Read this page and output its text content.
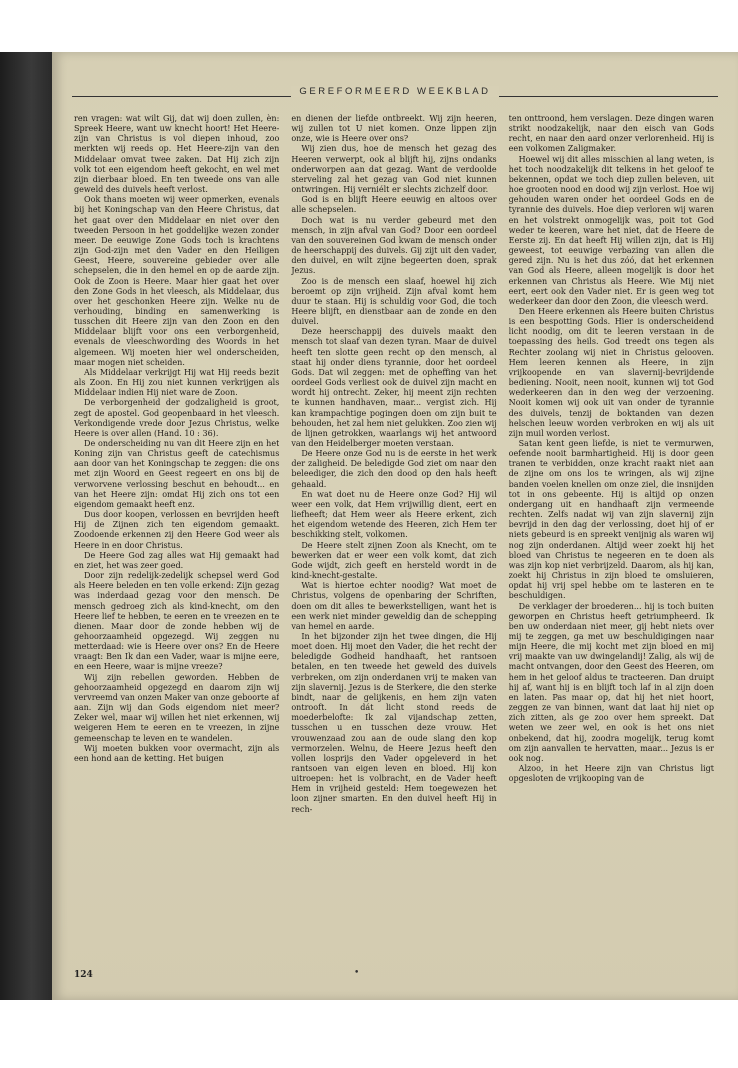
GEREFORMEERD WEEKBLAD

ren vragen: wat wilt Gij, dat wij doen zullen, èn: Spreek Heere, want uw knecht hoort! Het Heere-zijn van Christus is vol diepen inhoud, zoo merkten wij reeds op. Het Heere-zijn van den Middelaar omvat twee zaken. Dat Hij zich zijn volk tot een eigendom heeft gekocht, en wel met zijn dierbaar bloed. En ten tweede ons van alle geweld des duivels heeft verlost.

Ook thans moeten wij weer opmerken, evenals bij het Koningschap van den Heere Christus, dat het gaat over den Middelaar en niet over den tweeden Persoon in het goddelijke wezen zonder meer. De eeuwige Zone Gods toch is krachtens zijn God-zijn met den Vader en den Heiligen Geest, Heere, souvereine gebieder over alle schepselen, die in den hemel en op de aarde zijn. Ook de Zoon is Heere. Maar hier gaat het over den Zone Gods in het vleesch, als Middelaar, dus over het geschonken Heere zijn. Welke nu de verhouding, binding en samenwerking is tusschen dit Heere zijn van den Zoon en den Middelaar blijft voor ons een verborgenheid, evenals de vleeschwording des Woords in het algemeen. Wij moeten hier wel onderscheiden, maar mogen niet scheiden.

Als Middelaar verkrijgt Hij wat Hij reeds bezit als Zoon. En Hij zou niet kunnen verkrijgen als Middelaar indien Hij niet ware de Zoon.

De verborgenheid der godzaligheid is groot, zegt de apostel. God geopenbaard in het vleesch. Verkondigende vrede door Jezus Christus, welke Heere is over allen (Hand. 10 : 36).

De onderscheiding nu van dit Heere zijn en het Koning zijn van Christus geeft de catechismus aan door van het Koningschap te zeggen: die ons met zijn Woord en Geest regeert en ons bij de verworvene verlossing beschut en behoudt... en van het Heere zijn: omdat Hij zich ons tot een eigendom gemaakt heeft enz.

Dus door koopen, verlossen en bevrijden heeft Hij de Zijnen zich ten eigendom gemaakt. Zoodoende erkennen zij den Heere God weer als Heere in en door Christus.

De Heere God zag alles wat Hij gemaakt had en ziet, het was zeer goed.

Door zijn redelijk-zedelijk schepsel werd God als Heere beleden en ten volle erkend: Zijn gezag was inderdaad gezag voor den mensch. De mensch gedroeg zich als kind-knecht, om den Heere lief te hebben, te eeren en te vreezen en te dienen. Maar door de zonde hebben wij de gehoorzaamheid opgezegd. Wij zeggen nu metterdaad: wie is Heere over ons? En de Heere vraagt: Ben Ik dan een Vader, waar is mijne eere, en een Heere, waar is mijne vreeze?

Wij zijn rebellen geworden. Hebben de gehoorzaamheid opgezegd en daarom zijn wij vervreemd van onzen Maker van onze geboorte af aan. Zijn wij dan Gods eigendom niet meer? Zeker wel, maar wij willen het niet erkennen, wij weigeren Hem te eeren en te vreezen, in zijne gemeenschap te leven en te wandelen.

Wij moeten bukken voor overmacht, zijn als een hond aan de ketting. Het buigen

en dienen der liefde ontbreekt. Wij zijn heeren, wij zullen tot U niet komen. Onze lippen zijn onze, wie is Heere over ons?

Wij zien dus, hoe de mensch het gezag des Heeren verwerpt, ook al blijft hij, zijns ondanks onderworpen aan dat gezag. Want de verdoolde sterveling zal het gezag van God niet kunnen ontwringen. Hij verniélt er slechts zichzelf door.

God is en blijft Heere eeuwig en altoos over alle schepselen.

Doch wat is nu verder gebeurd met den mensch, in zijn afval van God? Door een oordeel van den souvereinen God kwam de mensch onder de heerschappij des duivels. Gij zijt uit den vader, den duivel, en wilt zijne begeerten doen, sprak Jezus.

Zoo is de mensch een slaaf, hoewel hij zich beroemt op zijn vrijheid. Zijn afval komt hem duur te staan. Hij is schuldig voor God, die toch Heere blijft, en dienstbaar aan de zonde en den duivel.

Deze heerschappij des duivels maakt den mensch tot slaaf van dezen tyran. Maar de duivel heeft ten slotte geen recht op den mensch, al staat hij onder diens tyrannie, door het oordeel Gods. Dat wil zeggen: met de opheffing van het oordeel Gods verliest ook de duivel zijn macht en wordt hij ontrecht. Zeker, hij meent zijn rechten te kunnen handhaven, maar... vergist zich. Hij kan krampachtige pogingen doen om zijn buit te behouden, het zal hem niet gelukken. Zoo zien wij de lijnen getrokken, waarlangs wij het antwoord van den Heidelberger moeten verstaan.

De Heere onze God nu is de eerste in het werk der zaligheid. De beledigde God ziet om naar den beleediger, die zich den dood op den hals heeft gehaald.

En wat doet nu de Heere onze God? Hij wil weer een volk, dat Hem vrijwillig dient, eert en liefheeft; dat Hem weer als Heere erkent, zich het eigendom wetende des Heeren, zich Hem ter beschikking stelt, volkomen.

De Heere stelt zijnen Zoon als Knecht, om te bewerken dat er weer een volk komt, dat zich Gode wijdt, zich geeft en hersteld wordt in de kind-knecht-gestalte.

Wat is hiertoe echter noodig? Wat moet de Christus, volgens de openbaring der Schriften, doen om dit alles te bewerkstelligen, want het is een werk niet minder geweldig dan de schepping van hemel en aarde.

In het bijzonder zijn het twee dingen, die Hij moet doen. Hij moet den Vader, die het recht der beledigde Godheid handhaaft, het rantsoen betalen, en ten tweede het geweld des duivels verbreken, om zijn onderdanen vrij te maken van zijn slavernij. Jezus is de Sterkere, die den sterke bindt, naar de gelijkenis, en hem zijn vaten ontrooft. In dát licht stond reeds de moederbelofte: Ik zal vijandschap zetten, tusschen u en tusschen deze vrouw. Het vrouwenzaad zou aan de oude slang den kop vermorzelen. Welnu, de Heere Jezus heeft den vollen losprijs den Vader opgeleverd in het rantsoen van eigen leven en bloed. Hij kon uitroepen: het is volbracht, en de Vader heeft Hem in vrijheid gesteld: Hem toegewezen het loon zijner smarten. En den duivel heeft Hij in rech-

ten onttroond, hem verslagen. Deze dingen waren strikt noodzakelijk, naar den eisch van Gods recht, en naar den aard onzer verlorenheid. Hij is een volkomen Zaligmaker.

Hoewel wij dit alles misschien al lang weten, is het toch noodzakelijk dit telkens in het geloof te bekennen, opdat we toch diep zullen beleven, uit hoe grooten nood en dood wij zijn verlost. Hoe wij gehouden waren onder het oordeel Gods en de tyrannie des duivels. Hoe diep verloren wij waren en het volstrekt onmogelijk was, poit tot God weder te keeren, ware het niet, dat de Heere de Eerste zij. En dat heeft Hij willen zijn, dat is Hij geweest, tot eeuwige verbazing van allen die gered zijn. Nu is het dus zóó, dat het erkennen van God als Heere, alleen mogelijk is door het erkennen van Christus als Heere. Wie Mij niet eert, eert ook den Vader niet. Er is geen weg tot wederkeer dan door den Zoon, die vleesch werd.

Den Heere erkennen als Heere buiten Christus is een bespotting Gods. Hier is onderscheidend licht noodig, om dit te leeren verstaan in de toepassing des heils. God treedt ons tegen als Rechter zoolang wij niet in Christus gelooven. Hem leeren kennen als Heere, in zijn vrijkoopende en van slavernij-bevrijdende bediening. Nooit, neen nooit, kunnen wij tot God wederkeeren dan in den weg der verzoening. Nooit komen wij ook uit van onder de tyrannie des duivels, tenzij de boktanden van dezen helschen leeuw worden verbroken en wij als uit zijn muil worden verlost.

Satan kent geen liefde, is niet te vermurwen, oefende nooit barmhartigheid. Hij is door geen tranen te verbidden, onze kracht raakt niet aan de zijne om ons los te wringen, als wij zijne banden voelen knellen om onze ziel, die insnijden tot in ons gebeente. Hij is altijd op onzen ondergang uit en handhaaft zijn vermeende rechten. Zelfs nadat wij van zijn slavernij zijn bevrijd in den dag der verlossing, doet hij of er niets gebeurd is en spreekt venijnig als waren wij nog zijn onderdanen. Altijd weer zoekt hij het bloed van Christus te negeeren en te doen als was zijn kop niet verbrijzeld. Daarom, als hij kan, zoekt hij Christus in zijn bloed te omsluieren, opdat hij vrij spel hebbe om te lasteren en te beschuldigen.

De verklager der broederen... hij is toch buiten geworpen en Christus heeft getriumpheerd. Ik ben uw onderdaan niet meer, gij hebt niets over mij te zeggen, ga met uw beschuldigingen naar mijn Heere, die mij kocht met zijn bloed en mij vrij maakte van uw dwingelandij! Zalig, als wij de macht ontvangen, door den Geest des Heeren, om hem in het geloof aldus te tracteeren. Dan druipt hij af, want hij is en blijft toch laf in al zijn doen en laten. Pas maar op, dat hij het niet hoort, zeggen ze van binnen, want dat laat hij niet op zich zitten, als ge zoo over hem spreekt. Dat weten we zeer wel, en ook is het ons niet onbekend, dat hij, zoodra mogelijk, terug komt om zijn aanvallen te hervatten, maar... Jezus is er ook nog.

Alzoo, in het Heere zijn van Christus ligt opgesloten de vrijkooping van de

124	•
